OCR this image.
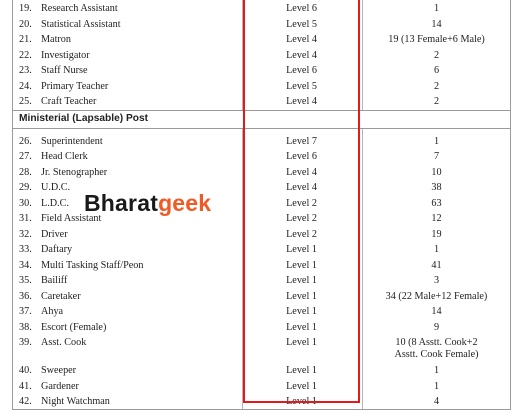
19. Research Assistant	Level 6	1
20. Statistical Assistant	Level 5	14
21. Matron	Level 4	19 (13 Female+6 Male)
22. Investigator	Level 4	2
23. Staff Nurse	Level 6	6
24. Primary Teacher	Level 5	2
25. Craft Teacher	Level 4	2
Ministerial (Lapsable) Post
26. Superintendent	Level 7	1
27. Head Clerk	Level 6	7
28. Jr. Stenographer	Level 4	10
29. U.D.C.	Level 4	38
30. L.D.C.	Level 2	63
31. Field Assistant	Level 2	12
32. Driver	Level 2	19
33. Daftary	Level 1	1
34. Multi Tasking Staff/Peon	Level 1	41
35. Bailiff	Level 1	3
36. Caretaker	Level 1	34 (22 Male+12 Female)
37. Ahya	Level 1	14
38. Escort (Female)	Level 1	9
39. Asst. Cook	Level 1	10 (8 Asstt. Cook+2
Asstt. Cook Female)
40. Sweeper	Level 1	1
41. Gardener	Level 1	1
42. Night Watchman	Level 1	4
Bharatgeek
